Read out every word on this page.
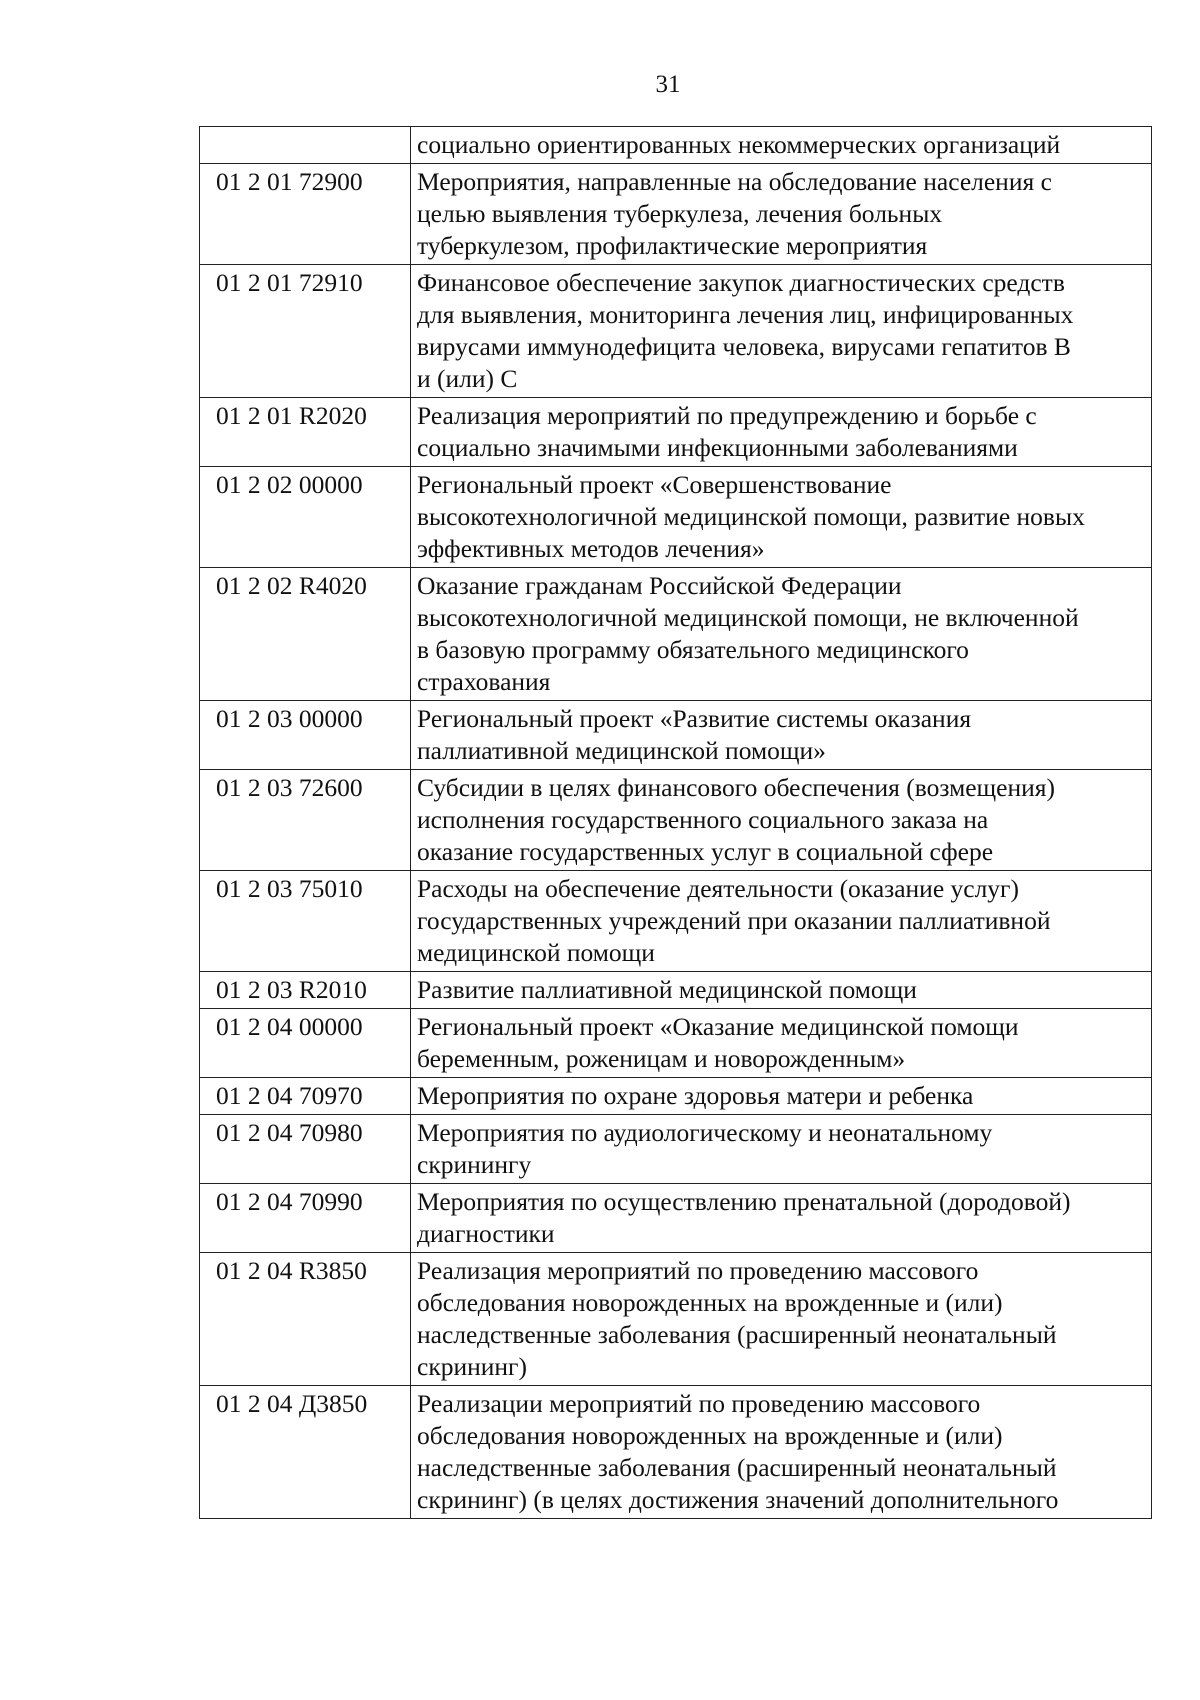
31
	социально ориентированных некоммерческих организаций
01 2 01 72900	Мероприятия, направленные на обследование населения с
целью выявления туберкулеза, лечения больных
туберкулезом, профилактические мероприятия
01 2 01 72910	Финансовое обеспечение закупок диагностических средств
для выявления, мониторинга лечения лиц, инфицированных
вирусами иммунодефицита человека, вирусами гепатитов В
и (или) С
01 2 01 R2020	Реализация мероприятий по предупреждению и борьбе с
социально значимыми инфекционными заболеваниями
01 2 02 00000	Региональный проект «Совершенствование
высокотехнологичной медицинской помощи, развитие новых
эффективных методов лечения»
01 2 02 R4020	Оказание гражданам Российской Федерации
высокотехнологичной медицинской помощи, не включенной
в базовую программу обязательного медицинского
страхования
01 2 03 00000	Региональный проект «Развитие системы оказания
паллиативной медицинской помощи»
01 2 03 72600	Субсидии в целях финансового обеспечения (возмещения)
исполнения государственного социального заказа на
оказание государственных услуг в социальной сфере
01 2 03 75010	Расходы на обеспечение деятельности (оказание услуг)
государственных учреждений при оказании паллиативной
медицинской помощи
01 2 03 R2010	Развитие паллиативной медицинской помощи
01 2 04 00000	Региональный проект «Оказание медицинской помощи
беременным, роженицам и новорожденным»
01 2 04 70970	Мероприятия по охране здоровья матери и ребенка
01 2 04 70980	Мероприятия по аудиологическому и неонатальному
скринингу
01 2 04 70990	Мероприятия по осуществлению пренатальной (дородовой)
диагностики
01 2 04 R3850	Реализация мероприятий по проведению массового
обследования новорожденных на врожденные и (или)
наследственные заболевания (расширенный неонатальный
скрининг)
01 2 04 Д3850	Реализации мероприятий по проведению массового
обследования новорожденных на врожденные и (или)
наследственные заболевания (расширенный неонатальный
скрининг) (в целях достижения значений дополнительного
